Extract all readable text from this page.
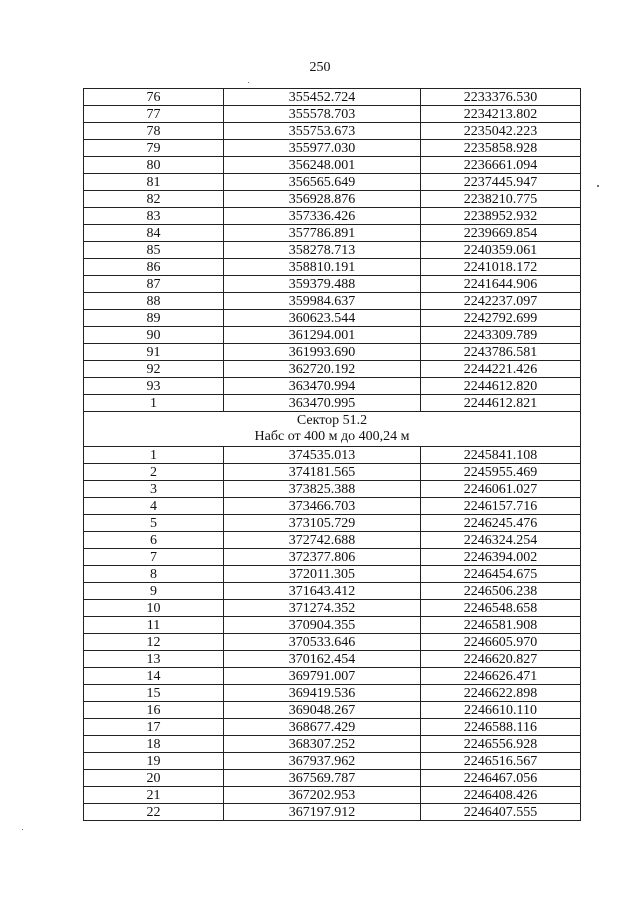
250
76	355452.724	2233376.530
77	355578.703	2234213.802
78	355753.673	2235042.223
79	355977.030	2235858.928
80	356248.001	2236661.094
81	356565.649	2237445.947
82	356928.876	2238210.775
83	357336.426	2238952.932
84	357786.891	2239669.854
85	358278.713	2240359.061
86	358810.191	2241018.172
87	359379.488	2241644.906
88	359984.637	2242237.097
89	360623.544	2242792.699
90	361294.001	2243309.789
91	361993.690	2243786.581
92	362720.192	2244221.426
93	363470.994	2244612.820
1	363470.995	2244612.821

Сектор 51.2
Набс от 400 м до 400,24 м		

1	374535.013	2245841.108
2	374181.565	2245955.469
3	373825.388	2246061.027
4	373466.703	2246157.716
5	373105.729	2246245.476
6	372742.688	2246324.254
7	372377.806	2246394.002
8	372011.305	2246454.675
9	371643.412	2246506.238
10	371274.352	2246548.658
11	370904.355	2246581.908
12	370533.646	2246605.970
13	370162.454	2246620.827
14	369791.007	2246626.471
15	369419.536	2246622.898
16	369048.267	2246610.110
17	368677.429	2246588.116
18	368307.252	2246556.928
19	367937.962	2246516.567
20	367569.787	2246467.056
21	367202.953	2246408.426
22	367197.912	2246407.555
